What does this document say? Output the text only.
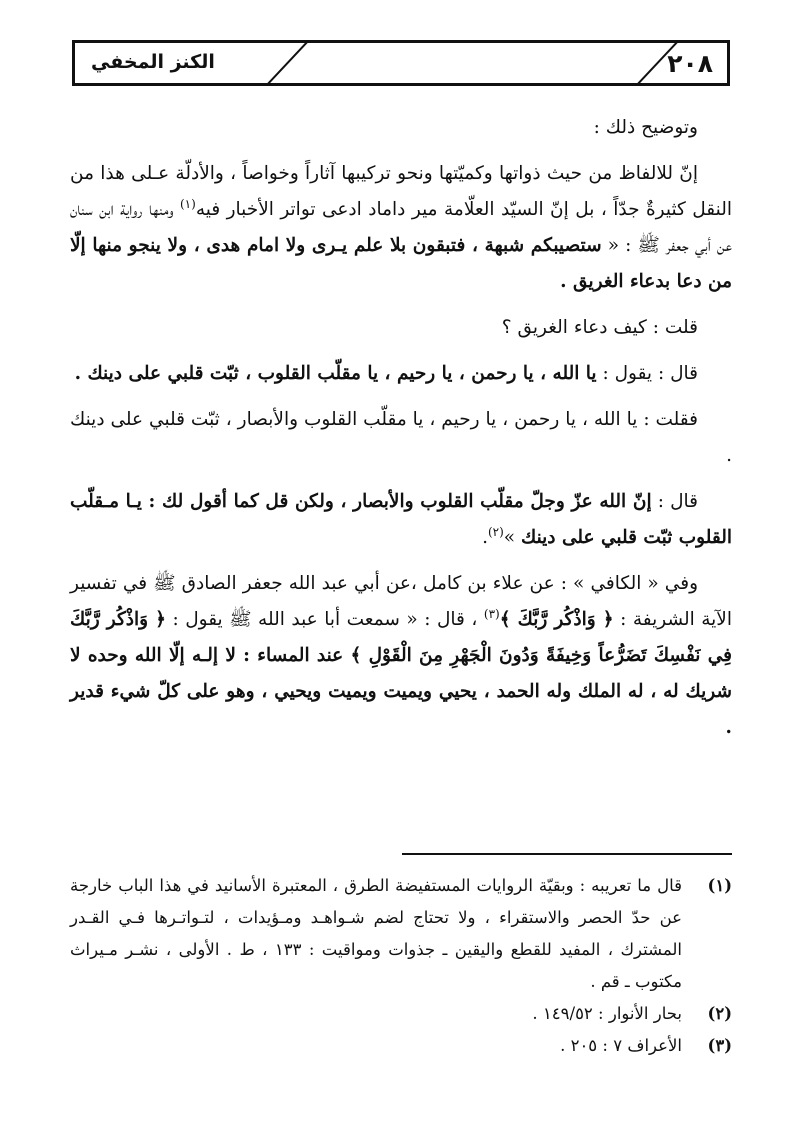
٢٠٨
الكنز المخفي

وتوضيح ذلك :

إنّ للالفاظ من حيث ذواتها وكميّتها ونحو تركيبها آثاراً وخواصاً ، والأدلّة عـلى هذا من النقل كثيرةٌ جدّاً ، بل إنّ السيّد العلّامة مير داماد ادعى تواتر الأخبار فيه$^{(١)}$ ومنها رواية ابن سنان عن أبي جعفر ﷺ : « ستصيبكم شبهة ، فتبقون بلا علم يـرى ولا امام هدى ، ولا ينجو منها إلّا من دعا بدعاء الغريق .

قلت : كيف دعاء الغريق ؟

قال : يقول : يا الله ، يا رحمن ، يا رحيم ، يا مقلّب القلوب ، ثبّت قلبي على دينك .

فقلت : يا الله ، يا رحمن ، يا رحيم ، يا مقلّب القلوب والأبصار ، ثبّت قلبي على دينك .

قال : إنّ الله عزّ وجلّ مقلّب القلوب والأبصار ، ولكن قل كما أقول لك : يـا مـقلّب القلوب ثبّت قلبي على دينك »$^{(٢)}$.

وفي « الكافي » : عن علاء بن كامل ،عن أبي عبد الله جعفر الصادق ﷺ في تفسير الآية الشريفة : ﴿ وَاذْكُر رَّبَّكَ ﴾$^{(٣)}$ ، قال : « سمعت أبا عبد الله ﷺ يقول : ﴿ وَاذْكُر رَّبَّكَ فِي نَفْسِكَ تَضَرُّعاً وَخِيفَةً وَدُونَ الْجَهْرِ مِنَ الْقَوْلِ ﴾ عند المساء : لا إلـه إلّا الله وحده لا شريك له ، له الملك وله الحمد ، يحيي ويميت ويميت ويحيي ، وهو على كلّ شيء قدير .

(١)قال ما تعريبه : وبقيّة الروايات المستفيضة الطرق ، المعتبرة الأسانيد في هذا الباب خارجة عن حدّ الحصر والاستقراء ، ولا تحتاج لضم شـواهـد ومـؤيدات ، لتـواتـرها فـي القـدر المشترك ، المفيد للقطع واليقين ـ جذوات ومواقيت : ١٣٣ ، ط . الأولى ، نشـر مـيراث مكتوب ـ قم .

(٢)بحار الأنوار : ١٤٩/٥٢ .

(٣)الأعراف ٧ : ٢٠٥ .
